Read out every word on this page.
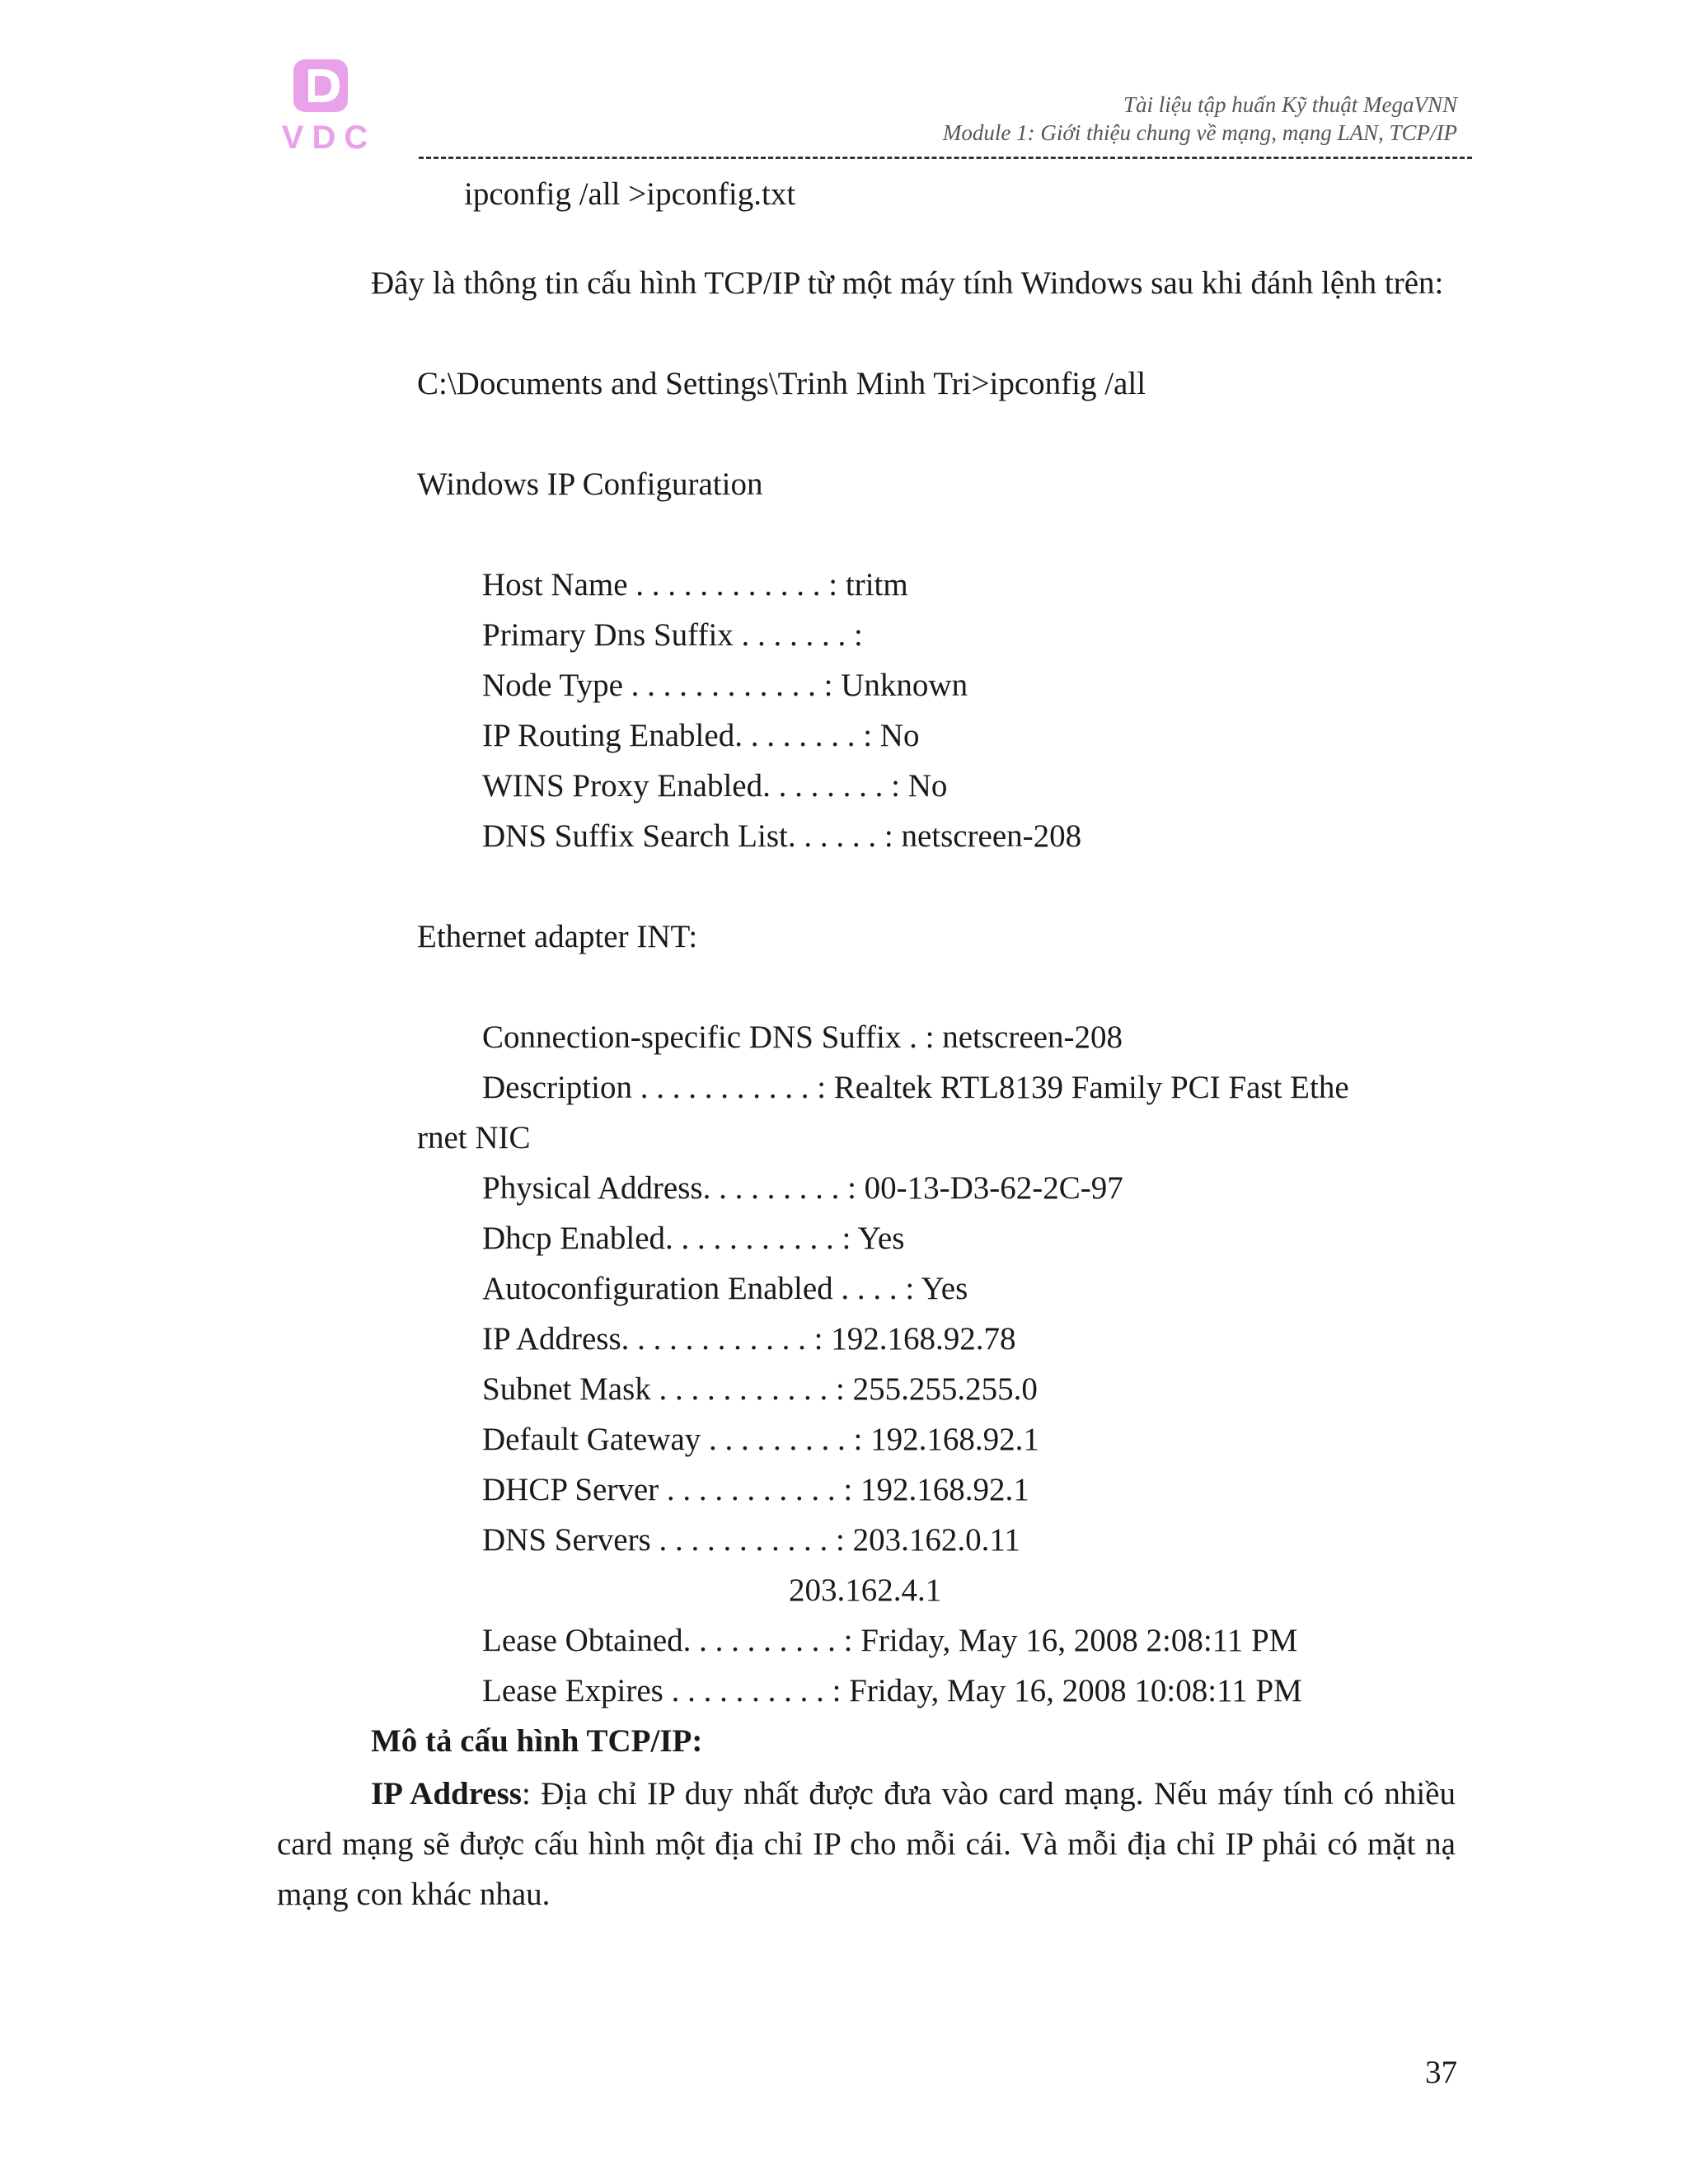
VDC
Tài liệu tập huấn Kỹ thuật MegaVNN
Module 1: Giới thiệu chung về mạng, mạng LAN, TCP/IP
ipconfig /all >ipconfig.txt
Đây là thông tin cấu hình TCP/IP từ một máy tính Windows sau khi đánh lệnh trên:
C:\Documents and Settings\Trinh Minh Tri>ipconfig /all
Windows IP Configuration
Host Name . . . . . . . . . . . . : tritm
Primary Dns Suffix . . . . . . . :
Node Type . . . . . . . . . . . . : Unknown
IP Routing Enabled. . . . . . . . : No
WINS Proxy Enabled. . . . . . . . : No
DNS Suffix Search List. . . . . . : netscreen-208
Ethernet adapter INT:
Connection-specific DNS Suffix . : netscreen-208
Description . . . . . . . . . . . : Realtek RTL8139 Family PCI Fast Ethe
rnet NIC
Physical Address. . . . . . . . . : 00-13-D3-62-2C-97
Dhcp Enabled. . . . . . . . . . . : Yes
Autoconfiguration Enabled . . . . : Yes
IP Address. . . . . . . . . . . . : 192.168.92.78
Subnet Mask . . . . . . . . . . . : 255.255.255.0
Default Gateway . . . . . . . . . : 192.168.92.1
DHCP Server . . . . . . . . . . . : 192.168.92.1
DNS Servers . . . . . . . . . . . : 203.162.0.11
203.162.4.1
Lease Obtained. . . . . . . . . . : Friday, May 16, 2008 2:08:11 PM
Lease Expires . . . . . . . . . . : Friday, May 16, 2008 10:08:11 PM
Mô tả cấu hình TCP/IP:
IP Address: Địa chỉ IP duy nhất được đưa vào card mạng. Nếu máy tính có nhiều card mạng sẽ được cấu hình một địa chỉ IP cho mỗi cái. Và mỗi địa chỉ IP phải có mặt nạ mạng con khác nhau.
37
